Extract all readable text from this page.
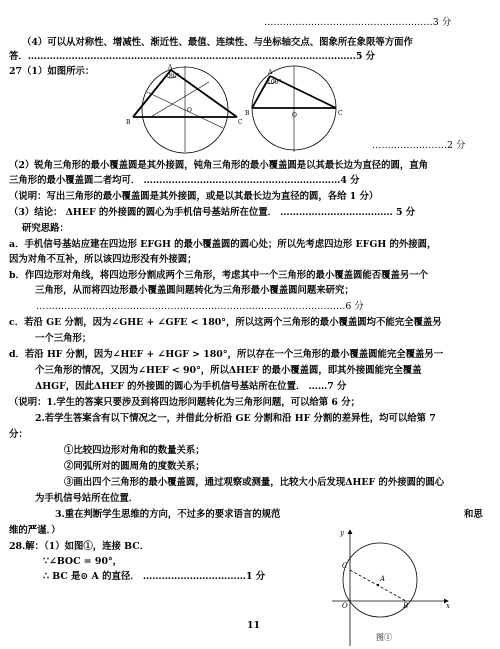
………………………………………………3 分
（4）可以从对称性、增减性、渐近性、最值、连续性、与坐标轴交点、图象所在象限等方面作
答．……………………………………………………………………………………………5 分
27（1）如图所示：	A
80°
O
B	C
A
100°
O
B	C
……………………2 分
（2）锐角三角形的最小覆盖圆是其外接圆，钝角三角形的最小覆盖圆是以其最长边为直径的圆，直角
三角形的最小覆盖圆二者均可． ………………………………………………………4 分
（说明：写出三角形的最小覆盖圆是其外接圆，或是以其最长边为直径的圆，各给 1 分）
（3）结论： ΔHEF 的外接圆的圆心为手机信号基站所在位置． ……………………………… 5 分
研究思路：
a．手机信号基站应建在四边形 EFGH 的最小覆盖圆的圆心处；所以先考虑四边形 EFGH 的外接圆，
因为对角不互补，所以该四边形没有外接圆；
b．作四边形对角线，将四边形分割成两个三角形，考虑其中一个三角形的最小覆盖圆能否覆盖另一个
三角形，从而将四边形最小覆盖圆问题转化为三角形最小覆盖圆问题来研究；
………………………………………………………………………………………6 分
c．若沿 GE 分割，因为∠GHE + ∠GFE < 180°，所以这两个三角形的最小覆盖圆均不能完全覆盖另
一个三角形；
d．若沿 HF 分割，因为∠HEF + ∠HGF > 180°，所以存在一个三角形的最小覆盖圆能完全覆盖另一
个三角形的情况，又因为∠HEF < 90°，所以ΔHEF 的最小覆盖圆，即其外接圆能完全覆盖
ΔHGF，因此ΔHEF 的外接圆的圆心为手机信号基站所在位置． ……7 分
（说明：1.学生的答案只要涉及到将四边形问题转化为三角形问题，可以给第 6 分；
2.若学生答案含有以下情况之一，并借此分析沿 GE 分割和沿 HF 分割的差异性，均可以给第 7
分：
①比较四边形对角和的数量关系；
②同弧所对的圆周角的度数关系；
③画出四个三角形的最小覆盖圆，通过观察或测量，比较大小后发现ΔHEF 的外接圆的圆心
为手机信号站所在位置．
3.重在判断学生思维的方向，不过多的要求语言的规范	和思
维的严谨．）
28.解：（1）如图①，连接 BC．
∵∠BOC = 90°，
∴ BC 是⊙ A 的直径． ……………………………1 分
y
x
O
A
B
C
图①
11
